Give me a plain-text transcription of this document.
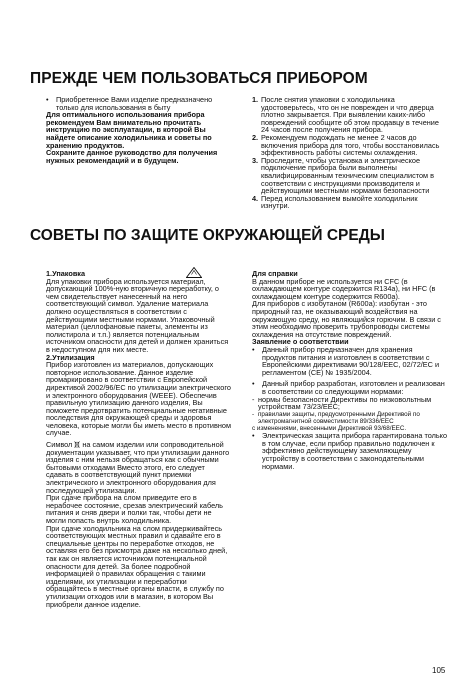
ПРЕЖДЕ ЧЕМ ПОЛЬЗОВАТЬСЯ ПРИБОРОМ

• Приобретенное Вами изделие предназначено только для использования в быту

Для оптимального использования прибора рекомендуем Вам внимательно прочитать инструкцию по эксплуатации, в которой Вы найдете описание холодильника и советы по хранению продуктов.

Сохраните данное руководство для получения нужных рекомендаций и в будущем.

1. После снятия упаковки с холодильника удостоверьтесь, что он не поврежден и что дверца плотно закрывается. При выявлении каких-либо повреждений сообщите об этом продавцу в течение 24 часов после получения прибора.

2. Рекомендуем подождать не менее 2 часов до включения прибора для того, чтобы восстановилась эффективность работы системы охлаждения.

3. Проследите, чтобы установка и электрическое подключение прибора были выполнены квалифицированным техническим специалистом в соответствии с инструкциями производителя и действующими местными нормами безопасности

4. Перед использованием вымойте холодильник изнутри.

СОВЕТЫ ПО ЗАЩИТЕ ОКРУЖАЮЩЕЙ СРЕДЫ

1.Упаковка

Для упаковки прибора используется материал, допускающий 100%-ную вторичную переработку, о чем свидетельствует нанесенный на него соответствующий символ. Удаление материала должно осуществляться в соответствии с действующими местными нормами. Упаковочный материал (целлофановые пакеты, элементы из полистирола и т.п.) является потенциальным источником опасности для детей и должен храниться в недоступном для них месте.

2.Утилизация

Прибор изготовлен из материалов, допускающих повторное использование. Данное изделие промаркировано в соответствии с Европейской директивой 2002/96/EC по утилизации электрического и электронного оборудования (WEEE). Обеспечив правильную утилизацию данного изделия, Вы поможете предотвратить потенциальные негативные последствия для окружающей среды и здоровья человека, которые могли бы иметь место в противном случае.

Символ на самом изделии или сопроводительной документации указывает, что при утилизации данного изделия с ним нельзя обращаться как с обычными бытовыми отходами Вместо этого, его следует сдавать в соответствующий пункт приемки электрического и электронного оборудования для последующей утилизации.

При сдаче прибора на слом приведите его в нерабочее состояние, срезав электрический кабель питания и сняв двери и полки так, чтобы дети не могли попасть внутрь холодильника.

При сдаче холодильника на слом придерживайтесь соответствующих местных правил и сдавайте его в специальные центры по переработке отходов, не оставляя его без присмотра даже на несколько дней, так как он является источником потенциальной опасности для детей. За более подробной информацией о правилах обращения с такими изделиями, их утилизации и переработки обращайтесь в местные органы власти, в службу по утилизации отходов или в магазин, в котором Вы приобрели данное изделие.

Для справки

В данном приборе не используется ни CFC (в охлаждающем контуре содержится R134a), ни HFC (в охлаждающем контуре содержится R600a).

Для приборов с изобутаном (R600a): изобутан - это природный газ, не оказывающий воздействия на окружающую среду, но являющийся горючим. В связи с этим необходимо проверить трубопроводы системы охлаждения на отсутствие повреждений.

Заявление о соответствии

• Данный прибор предназначен для хранения продуктов питания и изготовлен в соответствии с Европейскими директивами 90/128/EEC, 02/72/EC и регламентом (CE) № 1935/2004.

• Данный прибор разработан, изготовлен и реализован в соответствии со следующими нормами:

- нормы безопасности Директивы по низковольтным устройствам 73/23/EEC;

- правилами защиты, предусмотренными Директивой по электромагнитной совместимости 89/336/EEC

с изменениями, внесенными Директивой 93/68/EEC.

• Электрическая защита прибора гарантирована только в том случае, если прибор правильно подключен к эффективно действующему заземляющему устройству в соответствии с законодательными нормами.

105
